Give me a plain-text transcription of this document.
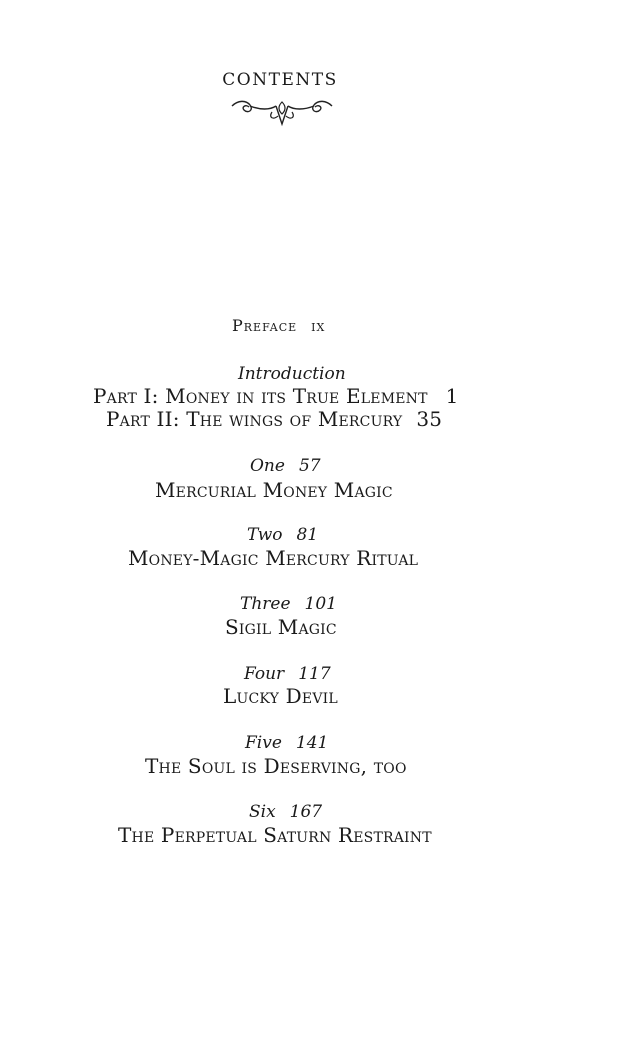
CONTENTS
Preface ix
Introduction
Part I: Money in its True Element 1
Part II: The wings of Mercury 35
One 57
Mercurial Money Magic
Two 81
Money-Magic Mercury Ritual
Three 101
Sigil Magic
Four 117
Lucky Devil
Five 141
The Soul is Deserving, too
Six 167
The Perpetual Saturn Restraint
